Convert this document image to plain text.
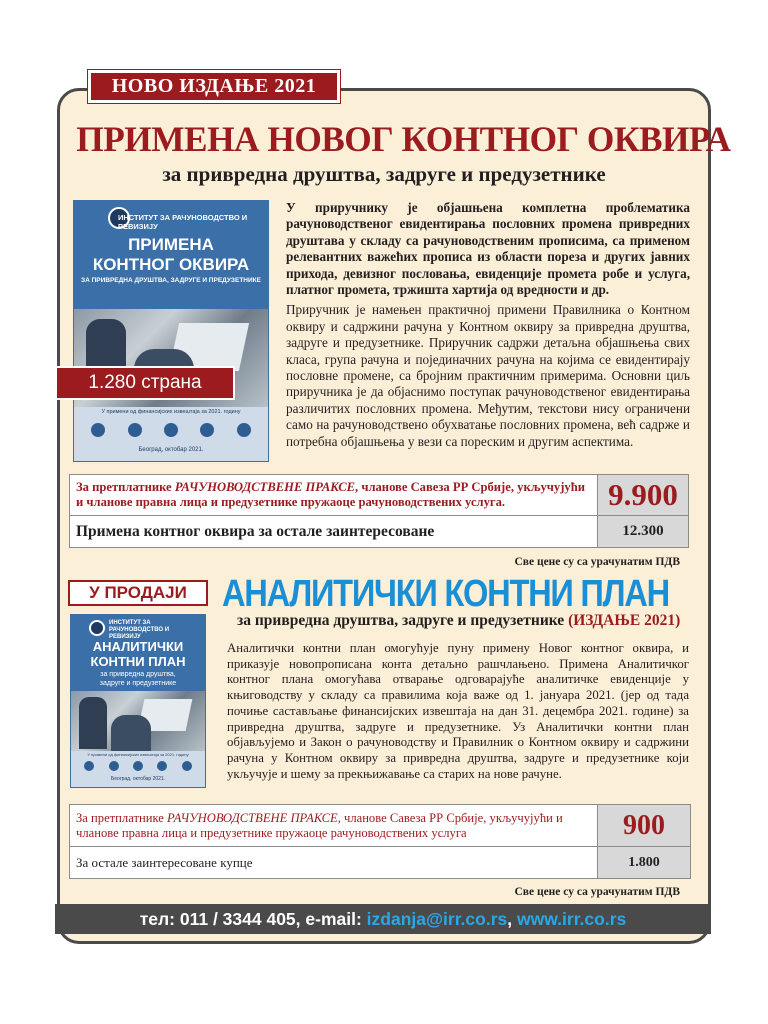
НОВО ИЗДАЊЕ 2021
ПРИМЕНА НОВОГ КОНТНОГ ОКВИРА
за привредна друштва, задруге и предузетнике
ИНСТИТУТ ЗА РАЧУНОВОДСТВО И РЕВИЗИЈУ
ПРИМЕНА
КОНТНОГ ОКВИРА
ЗА ПРИВРЕДНА ДРУШТВА, ЗАДРУГЕ И ПРЕДУЗЕТНИКЕ
У примени од финансијских извештаја за 2021. годину
Београд, октобар 2021.
1.280 страна

У приручнику је објашњена комплетна проблематика рачуноводственог евидентирања пословних промена привредних друштава у складу са рачуноводственим прописима, са применом релевантних важећих прописа из области пореза и других јавних прихода, девизног пословања, евиденције промета робе и услуга, платног промета, тржишта хартија од вредности и др.

Приручник је намењен практичној примени Правилника о Контном оквиру и садржини рачуна у Контном оквиру за привредна друштва, задруге и предузетнике. Приручник садржи детаљна објашњења свих класа, група рачуна и појединачних рачуна на којима се евидентирају пословне промене, са бројним практичним примерима. Основни циљ приручника је да објаснимо поступак рачуноводственог евидентирања различитих пословних промена. Међутим, текстови нису ограничени само на рачуноводствено обухватање пословних промена, већ садрже и потребна објашњења у вези са пореским и другим аспектима.

За претплатнике РАЧУНОВОДСТВЕНЕ ПРАКСЕ, чланове Савеза РР Србије, укључујући и чланове правна лица и предузетнике пружаоце рачуноводствених услуга.	9.900
Примена контног оквира за остале заинтересоване	12.300
Све цене су са урачунатим ПДВ
У ПРОДАЈИ АНАЛИТИЧКИ КОНТНИ ПЛАН
за привредна друштва, задруге и предузетнике (ИЗДАЊЕ 2021)
ИНСТИТУТ ЗА РАЧУНОВОДСТВО И РЕВИЗИЈУ
АНАЛИТИЧКИ
КОНТНИ ПЛАН
за привредна друштва,
задруге и предузетнике
У примени од финансијских извештаја за 2021. годину
Београд, октобар 2021.
Аналитички контни план омогућује пуну примену Новог контног оквира, и приказује новопрописана конта детаљно рашчлањено. Примена Аналитичког контног плана омогућава отварање одговарајуће аналитичке евиденције у књиговодству у складу са правилима која важе од 1. јануара 2021. (јер од тада почиње састављање финансијских извештаја на дан 31. децембра 2021. године) за привредна друштва, задруге и предузетнике. Уз Аналитички контни план објављујемо и Закон о рачуноводству и Правилник о Контном оквиру и садржини рачуна у Контном оквиру за привредна друштва, задруге и предузетнике који укључује и шему за прекњижавање са старих на нове рачуне.
За претплатнике РАЧУНОВОДСТВЕНЕ ПРАКСЕ, чланове Савеза РР Србије, укључујући и чланове правна лица и предузетнике пружаоце рачуноводствених услуга	900
За остале заинтересоване купце	1.800
Све цене су са урачунатим ПДВ
тел: 011 / 3344 405, e-mail: izdanja@irr.co.rs, www.irr.co.rs
